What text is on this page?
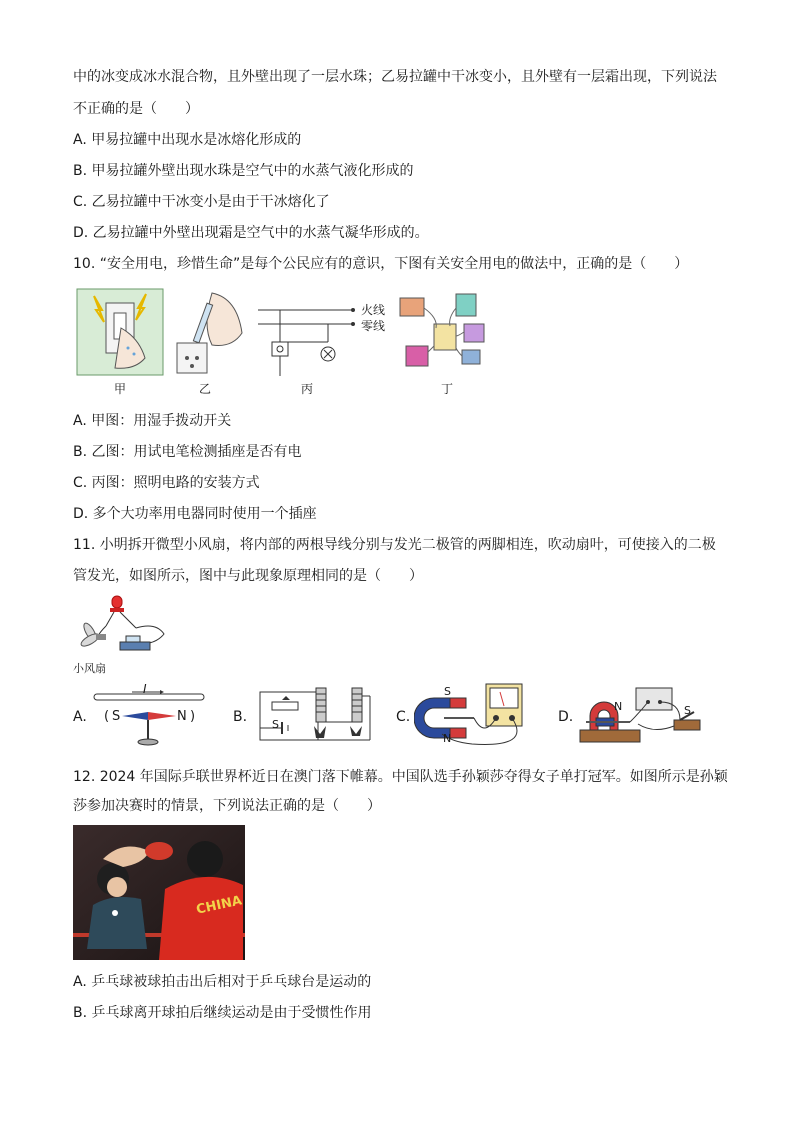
中的冰变成冰水混合物，且外壁出现了一层水珠；乙易拉罐中干冰变小，且外壁有一层霜出现，下列说法
不正确的是（　　）
A. 甲易拉罐中出现水是冰熔化形成的
B. 甲易拉罐外壁出现水珠是空气中的水蒸气液化形成的
C. 乙易拉罐中干冰变小是由于干冰熔化了
D. 乙易拉罐中外壁出现霜是空气中的水蒸气凝华形成的。
10. “安全用电，珍惜生命”是每个公民应有的意识，下图有关安全用电的做法中，正确的是（　　）
甲	乙
火线
零线
丙	丁
A. 甲图：用湿手拨动开关
B. 乙图：用试电笔检测插座是否有电
C. 丙图：照明电路的安装方式
D. 多个大功率用电器同时使用一个插座
11. 小明拆开微型小风扇，将内部的两根导线分别与发光二极管的两脚相连，吹动扇叶，可使接入的二极
管发光，如图所示，图中与此现象原理相同的是（　　）
小风扇
A.
I
S	N
(	)	B. S	C.
S
N
D.
N	S
12. 2024 年国际乒联世界杯近日在澳门落下帷幕。中国队选手孙颖莎夺得女子单打冠军。如图所示是孙颖
莎参加决赛时的情景，下列说法正确的是（　　）
CHINA
A. 乒乓球被球拍击出后相对于乒乓球台是运动的
B. 乒乓球离开球拍后继续运动是由于受惯性作用
